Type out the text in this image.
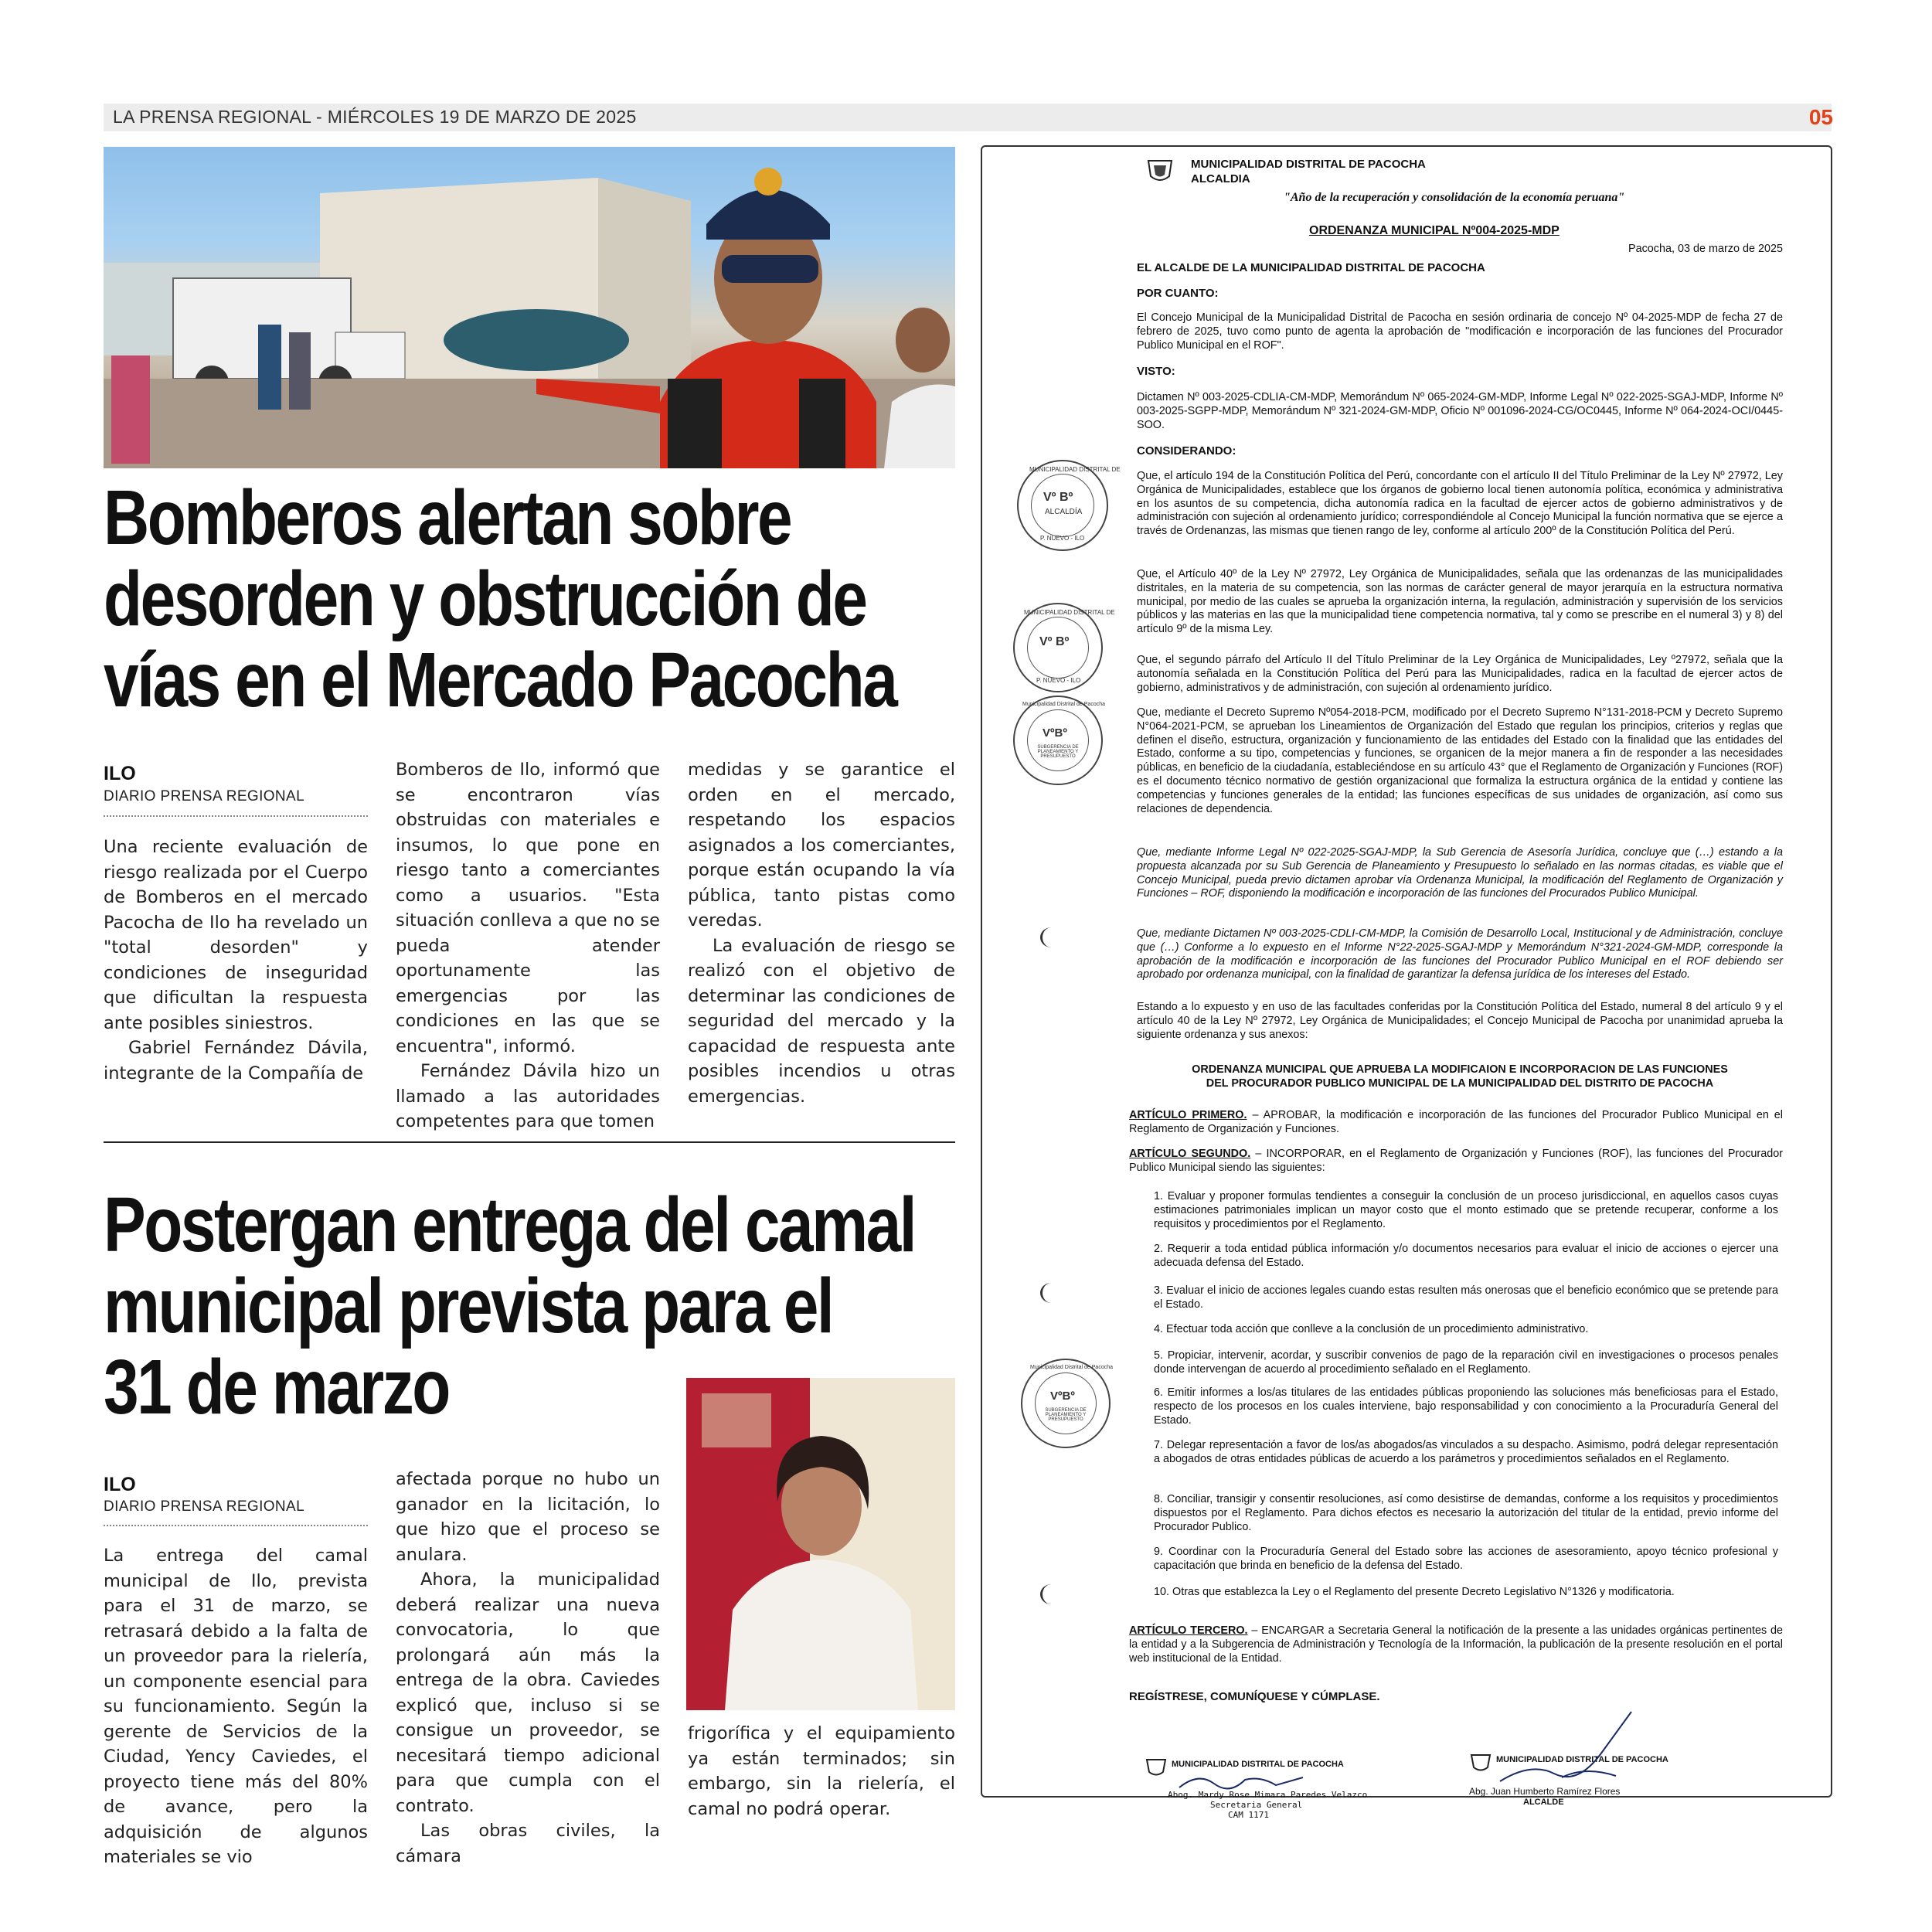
LA PRENSA REGIONAL - MIÉRCOLES 19 DE MARZO DE 2025	05
Bomberos alertan sobre
desorden y obstrucción de
vías en el Mercado Pacocha
ILO
DIARIO PRENSA REGIONAL

Una reciente evaluación de riesgo realizada por el Cuerpo de Bomberos en el mercado Pacocha de Ilo ha revelado un "total desorden" y condiciones de inseguridad que dificultan la respuesta ante posibles siniestros.

Gabriel Fernández Dávila, integrante de la Compañía de

Bomberos de Ilo, informó que se encontraron vías obstruidas con materiales e insumos, lo que pone en riesgo tanto a comerciantes como a usuarios. "Esta situación conlleva a que no se pueda atender oportunamente las emergencias por las condiciones en las que se encuentra", informó.

Fernández Dávila hizo un llamado a las autoridades competentes para que tomen

medidas y se garantice el orden en el mercado, respetando los espacios asignados a los comerciantes, porque están ocupando la vía pública, tanto pistas como veredas.

La evaluación de riesgo se realizó con el objetivo de determinar las condiciones de seguridad del mercado y la capacidad de respuesta ante posibles incendios u otras emergencias.

Postergan entrega del camal
municipal prevista para el
31 de marzo
ILO
DIARIO PRENSA REGIONAL

La entrega del camal municipal de Ilo, prevista para el 31 de marzo, se retrasará debido a la falta de un proveedor para la rielería, un componente esencial para su funcionamiento. Según la gerente de Servicios de la Ciudad, Yency Caviedes, el proyecto tiene más del 80% de avance, pero la adquisición de algunos materiales se vio

afectada porque no hubo un ganador en la licitación, lo que hizo que el proceso se anulara.

Ahora, la municipalidad deberá realizar una nueva convocatoria, lo que prolongará aún más la entrega de la obra. Caviedes explicó que, incluso si se consigue un proveedor, se necesitará tiempo adicional para que cumpla con el contrato.

Las obras civiles, la cámara

frigorífica y el equipamiento ya están terminados; sin embargo, sin la rielería, el camal no podrá operar.

MUNICIPALIDAD DISTRITAL DE PACOCHA
ALCALDIA
"Año de la recuperación y consolidación de la economía peruana"
ORDENANZA MUNICIPAL Nº004-2025-MDP
Pacocha, 03 de marzo de 2025
EL ALCALDE DE LA MUNICIPALIDAD DISTRITAL DE PACOCHA
POR CUANTO:
El Concejo Municipal de la Municipalidad Distrital de Pacocha en sesión ordinaria de concejo Nº 04-2025-MDP de fecha 27 de febrero de 2025, tuvo como punto de agenta la aprobación de "modificación e incorporación de las funciones del Procurador Publico Municipal en el ROF".
VISTO:
Dictamen Nº 003-2025-CDLIA-CM-MDP, Memorándum Nº 065-2024-GM-MDP, Informe Legal Nº 022-2025-SGAJ-MDP, Informe Nº 003-2025-SGPP-MDP, Memorándum Nº 321-2024-GM-MDP, Oficio Nº 001096-2024-CG/OC0445, Informe Nº 064-2024-OCI/0445-SOO.
CONSIDERANDO:
Que, el artículo 194 de la Constitución Política del Perú, concordante con el artículo II del Título Preliminar de la Ley Nº 27972, Ley Orgánica de Municipalidades, establece que los órganos de gobierno local tienen autonomía política, económica y administrativa en los asuntos de su competencia, dicha autonomía radica en la facultad de ejercer actos de gobierno administrativos y de administración con sujeción al ordenamiento jurídico; correspondiéndole al Concejo Municipal la función normativa que se ejerce a través de Ordenanzas, las mismas que tienen rango de ley, conforme al artículo 200º de la Constitución Política del Perú.
Que, el Artículo 40º de la Ley Nº 27972, Ley Orgánica de Municipalidades, señala que las ordenanzas de las municipalidades distritales, en la materia de su competencia, son las normas de carácter general de mayor jerarquía en la estructura normativa municipal, por medio de las cuales se aprueba la organización interna, la regulación, administración y supervisión de los servicios públicos y las materias en las que la municipalidad tiene competencia normativa, tal y como se prescribe en el numeral 3) y 8) del artículo 9º de la misma Ley.
Que, el segundo párrafo del Artículo II del Título Preliminar de la Ley Orgánica de Municipalidades, Ley º27972, señala que la autonomía señalada en la Constitución Política del Perú para las Municipalidades, radica en la facultad de ejercer actos de gobierno, administrativos y de administración, con sujeción al ordenamiento jurídico.
Que, mediante el Decreto Supremo Nº054-2018-PCM, modificado por el Decreto Supremo N°131-2018-PCM y Decreto Supremo N°064-2021-PCM, se aprueban los Lineamientos de Organización del Estado que regulan los principios, criterios y reglas que definen el diseño, estructura, organización y funcionamiento de las entidades del Estado con la finalidad que las entidades del Estado, conforme a su tipo, competencias y funciones, se organicen de la mejor manera a fin de responder a las necesidades públicas, en beneficio de la ciudadanía, estableciéndose en su artículo 43° que el Reglamento de Organización y Funciones (ROF) es el documento técnico normativo de gestión organizacional que formaliza la estructura orgánica de la entidad y contiene las competencias y funciones generales de la entidad; las funciones específicas de sus unidades de organización, así como sus relaciones de dependencia.
Que, mediante Informe Legal Nº 022-2025-SGAJ-MDP, la Sub Gerencia de Asesoría Jurídica, concluye que (…) estando a la propuesta alcanzada por su Sub Gerencia de Planeamiento y Presupuesto lo señalado en las normas citadas, es viable que el Concejo Municipal, pueda previo dictamen aprobar vía Ordenanza Municipal, la modificación del Reglamento de Organización y Funciones – ROF, disponiendo la modificación e incorporación de las funciones del Procurados Publico Municipal.
Que, mediante Dictamen Nº 003-2025-CDLI-CM-MDP, la Comisión de Desarrollo Local, Institucional y de Administración, concluye que (…) Conforme a lo expuesto en el Informe N°22-2025-SGAJ-MDP y Memorándum N°321-2024-GM-MDP, corresponde la aprobación de la modificación e incorporación de las funciones del Procurador Publico Municipal en el ROF debiendo ser aprobado por ordenanza municipal, con la finalidad de garantizar la defensa jurídica de los intereses del Estado.
Estando a lo expuesto y en uso de las facultades conferidas por la Constitución Política del Estado, numeral 8 del artículo 9 y el artículo 40 de la Ley Nº 27972, Ley Orgánica de Municipalidades; el Concejo Municipal de Pacocha por unanimidad aprueba la siguiente ordenanza y sus anexos:
ORDENANZA MUNICIPAL QUE APRUEBA LA MODIFICAION E INCORPORACION DE LAS FUNCIONES
DEL PROCURADOR PUBLICO MUNICIPAL DE LA MUNICIPALIDAD DEL DISTRITO DE PACOCHA
ARTÍCULO PRIMERO. – APROBAR, la modificación e incorporación de las funciones del Procurador Publico Municipal en el Reglamento de Organización y Funciones.
ARTÍCULO SEGUNDO. – INCORPORAR, en el Reglamento de Organización y Funciones (ROF), las funciones del Procurador Publico Municipal siendo las siguientes:
1. Evaluar y proponer formulas tendientes a conseguir la conclusión de un proceso jurisdiccional, en aquellos casos cuyas estimaciones patrimoniales implican un mayor costo que el monto estimado que se pretende recuperar, conforme a los requisitos y procedimientos por el Reglamento.
2. Requerir a toda entidad pública información y/o documentos necesarios para evaluar el inicio de acciones o ejercer una adecuada defensa del Estado.
3. Evaluar el inicio de acciones legales cuando estas resulten más onerosas que el beneficio económico que se pretende para el Estado.
4. Efectuar toda acción que conlleve a la conclusión de un procedimiento administrativo.
5. Propiciar, intervenir, acordar, y suscribir convenios de pago de la reparación civil en investigaciones o procesos penales donde intervengan de acuerdo al procedimiento señalado en el Reglamento.
6. Emitir informes a los/as titulares de las entidades públicas proponiendo las soluciones más beneficiosas para el Estado, respecto de los procesos en los cuales interviene, bajo responsabilidad y con conocimiento a la Procuraduría General del Estado.
7. Delegar representación a favor de los/as abogados/as vinculados a su despacho. Asimismo, podrá delegar representación a abogados de otras entidades públicas de acuerdo a los parámetros y procedimientos señalados en el Reglamento.
8. Conciliar, transigir y consentir resoluciones, así como desistirse de demandas, conforme a los requisitos y procedimientos dispuestos por el Reglamento. Para dichos efectos es necesario la autorización del titular de la entidad, previo informe del Procurador Publico.
9. Coordinar con la Procuraduría General del Estado sobre las acciones de asesoramiento, apoyo técnico profesional y capacitación que brinda en beneficio de la defensa del Estado.
10. Otras que establezca la Ley o el Reglamento del presente Decreto Legislativo N°1326 y modificatoria.
ARTÍCULO TERCERO. – ENCARGAR a Secretaria General la notificación de la presente a las unidades orgánicas pertinentes de la entidad y a la Subgerencia de Administración y Tecnología de la Información, la publicación de la presente resolución en el portal web institucional de la Entidad.
REGÍSTRESE, COMUNÍQUESE Y CÚMPLASE.
MUNICIPALIDAD DISTRITAL DE PACOCHA
Abog. Mardy Rose Mimara Paredes Velazco
Secretaria General
CAM 1171
MUNICIPALIDAD DISTRITAL DE PACOCHA
Abg. Juan Humberto Ramírez Flores
ALCALDE
MUNICIPALIDAD DISTRITAL DE
Vº Bº
ALCALDÍA
P. NUEVO - ILO
MUNICIPALIDAD DISTRITAL DE
Vº Bº
P. NUEVO - ILO
Municipalidad Distrital de Pacocha
VºBº
SUBGERENCIA DE PLANEAMIENTO Y PRESUPUESTO
Municipalidad Distrital de Pacocha
VºBº
SUBGERENCIA DE PLANEAMIENTO Y PRESUPUESTO
